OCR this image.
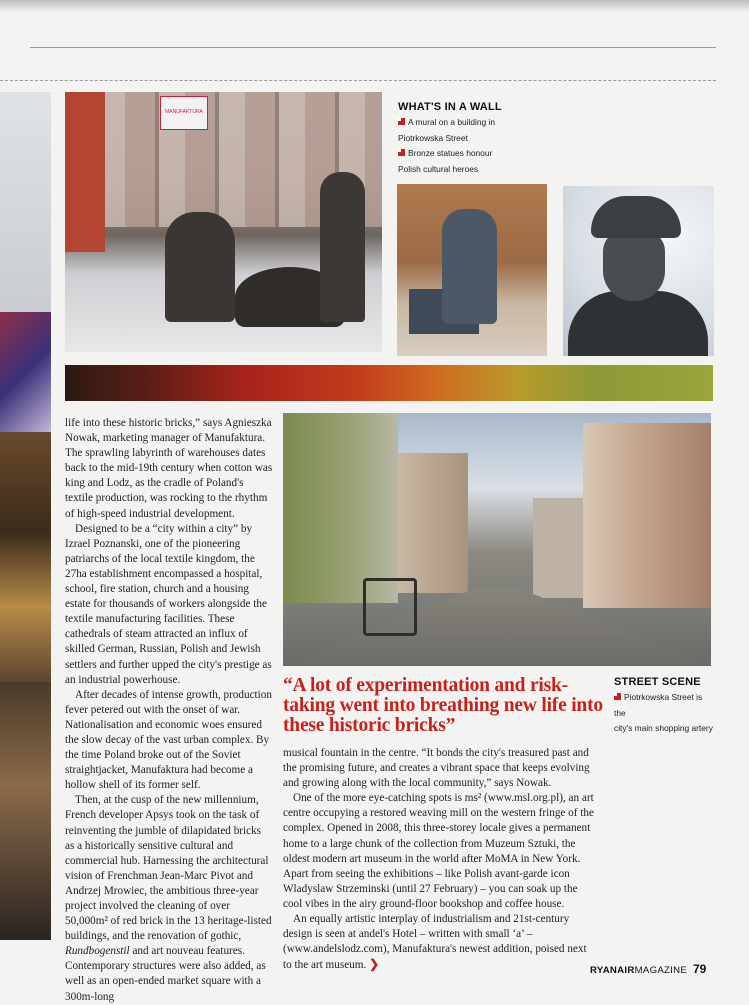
MANUFAKTURA	WHAT'S IN A WALL
A mural on a building in
Piotrkowska Street
Bronze statues honour
Polish cultural heroes

life into these historic bricks,” says Agnieszka Nowak, marketing manager of Manufaktura. The sprawling labyrinth of warehouses dates back to the mid-19th century when cotton was king and Lodz, as the cradle of Poland's textile production, was rocking to the rhythm of high-speed industrial development.

Designed to be a “city within a city” by Izrael Poznanski, one of the pioneering patriarchs of the local textile kingdom, the 27ha establishment encompassed a hospital, school, fire station, church and a housing estate for thousands of workers alongside the textile manufacturing facilities. These cathedrals of steam attracted an influx of skilled German, Russian, Polish and Jewish settlers and further upped the city's prestige as an industrial powerhouse.

After decades of intense growth, production fever petered out with the onset of war. Nationalisation and economic woes ensured the slow decay of the vast urban complex. By the time Poland broke out of the Soviet straightjacket, Manufaktura had become a hollow shell of its former self.

Then, at the cusp of the new millennium, French developer Apsys took on the task of reinventing the jumble of dilapidated bricks as a historically sensitive cultural and commercial hub. Harnessing the architectural vision of Frenchman Jean-Marc Pivot and Andrzej Mrowiec, the ambitious three-year project involved the cleaning of over 50,000m² of red brick in the 13 heritage-listed buildings, and the renovation of gothic, Rundbogenstil and art nouveau features. Contemporary structures were also added, as well as an open-ended market square with a 300m-long

“A lot of experimentation and risk-taking went into breathing new life into these historic bricks”
STREET SCENE
Piotrkowska Street is the
city's main shopping artery

musical fountain in the centre. “It bonds the city's treasured past and the promising future, and creates a vibrant space that keeps evolving and growing along with the local community,” says Nowak.

One of the more eye-catching spots is ms² (www.msl.org.pl), an art centre occupying a restored weaving mill on the western fringe of the complex. Opened in 2008, this three-storey locale gives a permanent home to a large chunk of the collection from Muzeum Sztuki, the oldest modern art museum in the world after MoMA in New York. Apart from seeing the exhibitions – like Polish avant-garde icon Wladyslaw Strzeminski (until 27 February) – you can soak up the cool vibes in the airy ground-floor bookshop and coffee house.

An equally artistic interplay of industrialism and 21st-century design is seen at andel's Hotel – written with small ‘a’ – (www.andelslodz.com), Manufaktura's newest addition, poised next to the art museum. ❯	RYANAIRMAGAZINE 79
